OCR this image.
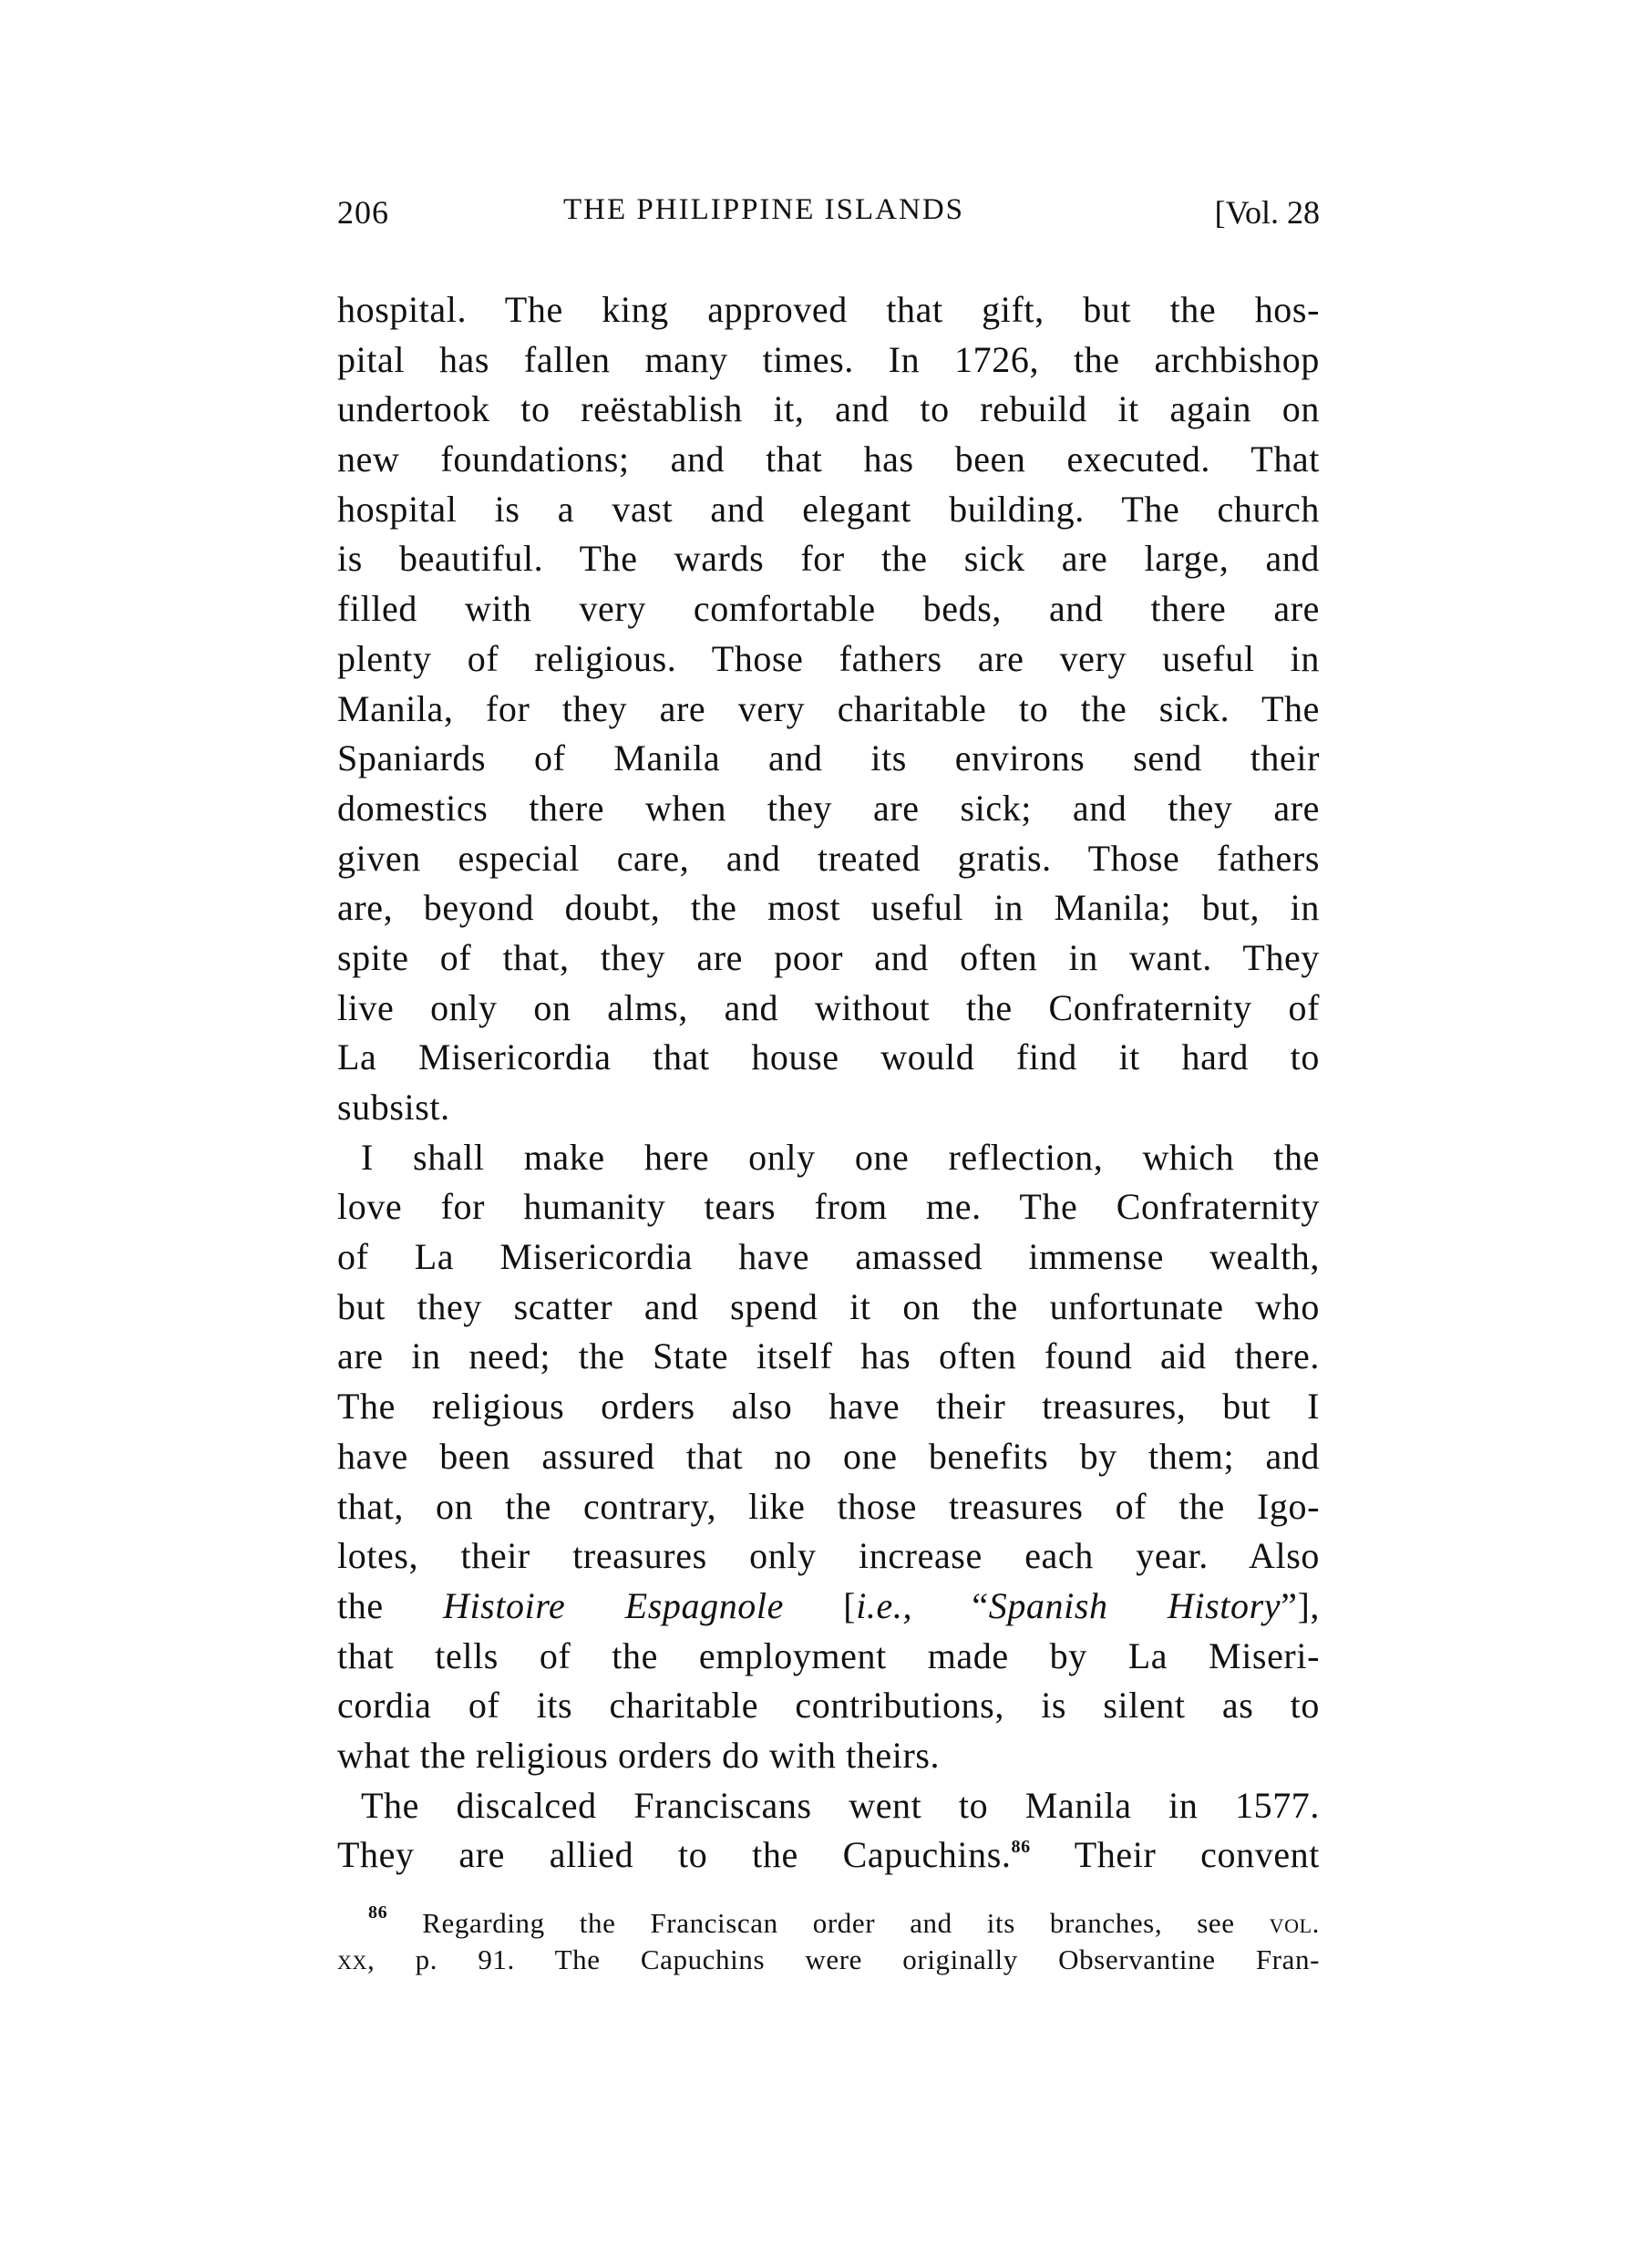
206	THE PHILIPPINE ISLANDS	[Vol. 28
hospital. The king approved that gift, but the hos-
pital has fallen many times. In 1726, the archbishop
undertook to reëstablish it, and to rebuild it again on
new foundations; and that has been executed. That
hospital is a vast and elegant building. The church
is beautiful. The wards for the sick are large, and
filled with very comfortable beds, and there are
plenty of religious. Those fathers are very useful in
Manila, for they are very charitable to the sick. The
Spaniards of Manila and its environs send their
domestics there when they are sick; and they are
given especial care, and treated gratis. Those fathers
are, beyond doubt, the most useful in Manila; but, in
spite of that, they are poor and often in want. They
live only on alms, and without the Confraternity of
La Misericordia that house would find it hard to
subsist.
I shall make here only one reflection, which the
love for humanity tears from me. The Confraternity
of La Misericordia have amassed immense wealth,
but they scatter and spend it on the unfortunate who
are in need; the State itself has often found aid there.
The religious orders also have their treasures, but I
have been assured that no one benefits by them; and
that, on the contrary, like those treasures of the Igo-
lotes, their treasures only increase each year. Also
the Histoire Espagnole [i.e., “Spanish History”],
that tells of the employment made by La Miseri-
cordia of its charitable contributions, is silent as to
what the religious orders do with theirs.
The discalced Franciscans went to Manila in 1577.
They are allied to the Capuchins.$^{86}$ Their convent
$^{86}$ Regarding the Franciscan order and its branches, see vol.
xx, p. 91. The Capuchins were originally Observantine Fran-
